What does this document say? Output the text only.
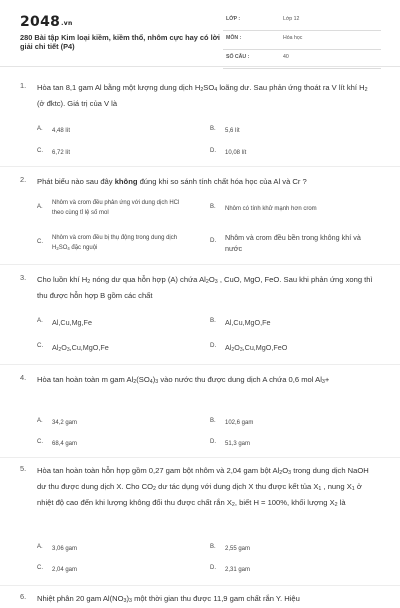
2048.vn
280 Bài tập Kim loại kiềm, kiềm thổ, nhôm cực hay có lời giải chi tiết (P4)
LỚP :	Lớp 12
MÔN :	Hóa học
SỐ CÂU :	40
1. Hòa tan 8,1 gam Al bằng một lượng dung dịch $H_2SO_4$ loãng dư. Sau phản ứng thoát ra V lít khí $H_2$ (ở đktc). Giá trị của V là
A. 4,48 lít	B. 5,6 lít
C. 6,72 lít	D. 10,08 lít
2. Phát biểu nào sau đây không đúng khi so sánh tính chất hóa học của Al và Cr ?
A.
Nhôm và crom đều phản ứng với dung dịch HCl theo cùng tỉ lệ số mol
B. Nhôm có tính khử mạnh hơn crom
C.
Nhôm và crom đều bị thụ động trong dung dịch $H_2SO_4$ đặc nguội
D. Nhôm và crom đều bền trong không khí và nước
3. Cho luồn khí $H_2$ nóng dư qua hỗn hợp (A) chứa $Al_2O_3$ , CuO, MgO, FeO. Sau khi phản ứng xong thì thu được hỗn hợp B gồm các chất
A. Al,Cu,Mg,Fe	B. Al,Cu,MgO,Fe
C. $Al_2O_3,Cu,MgO,Fe$	D. $Al_2O_3,Cu,MgO,FeO$
4. Hòa tan hoàn toàn m gam $Al_2(SO_4)_3$ vào nước thu được dung dịch A chứa 0,6 mol $Al_3+$
A. 34,2 gam	B. 102,6 gam
C. 68,4 gam	D. 51,3 gam
5. Hòa tan hoàn toàn hỗn hợp gồm 0,27 gam bột nhôm và 2,04 gam bột $Al_2O_3$ trong dung dịch NaOH dư thu được dung dịch X. Cho $CO_2$ dư tác dụng với dung dịch X thu được kết tủa $X_1$ , nung $X_1$ ở nhiệt độ cao đến khi lượng không đổi thu được chất rắn $X_2$, biết H = 100%, khối lượng $X_2$ là
A. 3,06 gam	B. 2,55 gam
C. 2,04 gam	D. 2,31 gam
6. Nhiệt phân 20 gam $Al(NO_3)_3$ một thời gian thu được 11,9 gam chất rắn Y. Hiệu
